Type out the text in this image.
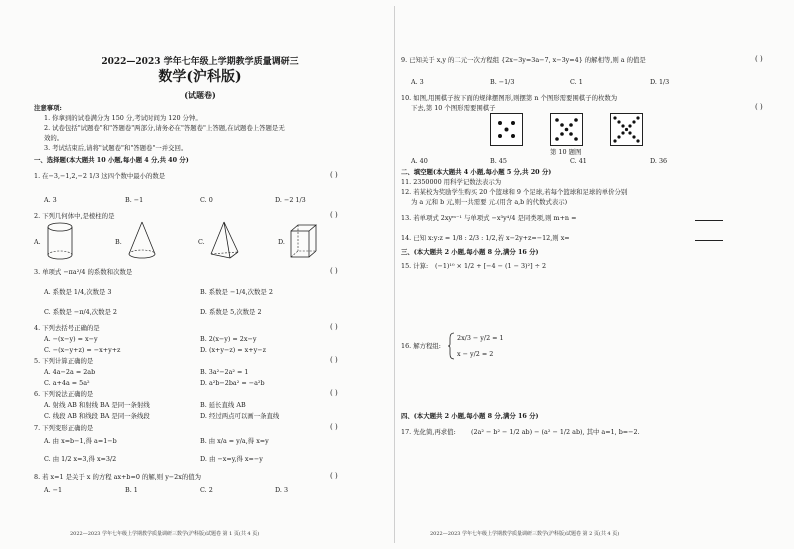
2022—2023 学年七年级上学期教学质量调研三
数学(沪科版)
(试题卷)
注意事项:
1. 你拿到的试卷满分为 150 分,考试时间为 120 分钟。
2. 试卷包括"试题卷"和"答题卷"两部分,请务必在"答题卷"上答题,在试题卷上答题是无
效的。
3. 考试结束后,请将"试题卷"和"答题卷"一并交回。
一、选择题(本大题共 10 小题,每小题 4 分,共 40 分)
1. 在−3,−1,2,−2 1/3 这四个数中最小的数是	( )
A. 3	B. −1	C. 0	D. −2 1/3
2. 下列几何体中,是棱柱的是	( )
A.	B.	C.	D.
3. 单项式 −πa²/4 的系数和次数是	( )
A. 系数是 1/4,次数是 3	B. 系数是 −1/4,次数是 2
C. 系数是 −π/4,次数是 2	D. 系数是 5,次数是 2
4. 下列去括号正确的是	( )
A. −(x−y) = x−y	B. 2(x−y) = 2x−y
C. −(x−y+z) = −x+y+z	D. (x+y−z) = x+y−z
5. 下列计算正确的是	( )
A. 4a−2a = 2ab	B. 3a²−2a² = 1
C. a+4a = 5a²	D. a²b−2ba² = −a²b
6. 下列说法正确的是	( )
A. 射线 AB 和射线 BA 是同一条射线	B. 延长直线 AB
C. 线段 AB 和线段 BA 是同一条线段	D. 经过两点可以画一条直线
7. 下列变形正确的是	( )
A. 由 x=b−1,得 a=1−b	B. 由 x/a = y/a,得 x=y
C. 由 1/2 x=3,得 x=3/2	D. 由 −x=y,得 x=−y
8. 若 x=1 是关于 x 的方程 ax+b=0 的解,则 y−2x的值为	( )
A. −1	B. 1	C. 2	D. 3
2022—2023 学年七年级上学期教学质量调研三数学(沪科版)试题卷 第 1 页(共 4 页)
9. 已知关于 x,y 的二元一次方程组 {2x−3y=3a−7, x−3y=4} 的解相等,则 a 的值是	( )
A. 3	B. −1/3	C. 1	D. 1/3
10. 如图,用围棋子按下面的规律摆图形,则摆第 n 个图形需要围棋子的枚数为
下去,第 10 个图形需要围棋子	( )
第 10 题图
A. 40	B. 45	C. 41	D. 36
二、填空题(本大题共 4 小题,每小题 5 分,共 20 分)
11. 2350000 用科学记数法表示为
12. 若某校为奖励学生购买 20 个篮球和 9 个足球,若每个篮球和足球的单价分别
为 a 元和 b 元,则一共需要 元.(用含 a,b 的代数式表示)
13. 若单项式 2xyᵐ⁻¹ 与单项式 −x³y⁴/4 是同类项,则 m+n =
14. 已知 x:y:z = 1/8 : 2/3 : 1/2,若 x−2y+z=−12,则 x=
三、(本大题共 2 小题,每小题 8 分,满分 16 分)
15. 计算: (−1)¹⁰ × 1/2 + [−4 − (1 − 3)²] ÷ 2
16. 解方程组:
2x/3 − y/2 = 1
x − y/2 = 2
四、(本大题共 2 小题,每小题 8 分,满分 16 分)
17. 先化简,再求值: (2a² − b² − 1/2 ab) − (a² − 1/2 ab), 其中 a=1, b=−2.
2022—2023 学年七年级上学期教学质量调研三数学(沪科版)试题卷 第 2 页(共 4 页)
